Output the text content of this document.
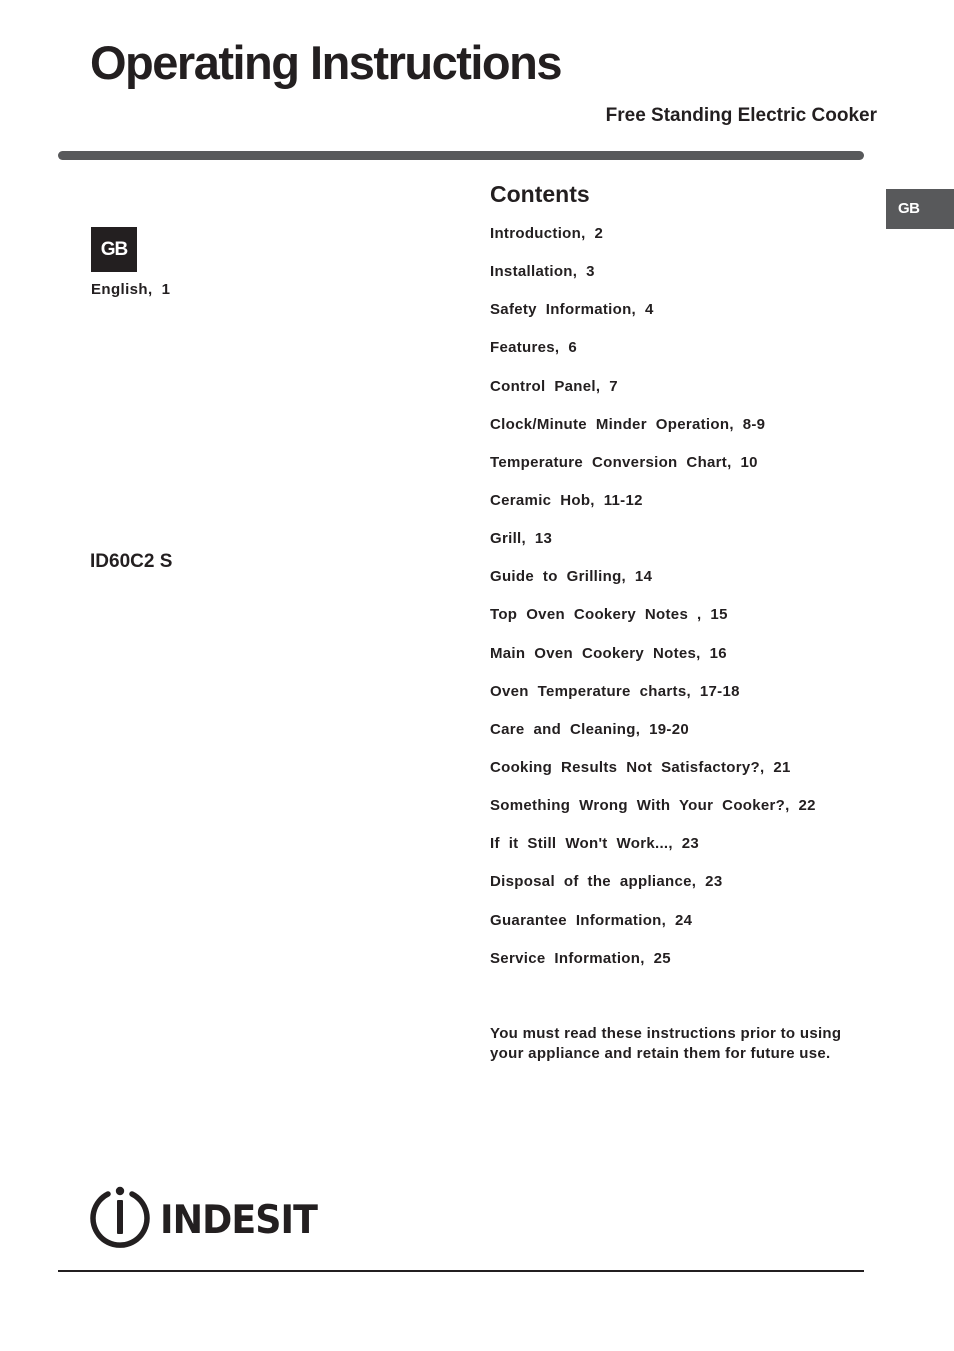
Operating Instructions
Free Standing Electric Cooker
GB
GB
English,  1
ID60C2 S
Contents
Introduction,  2
Installation,  3
Safety  Information,  4
Features,  6
Control  Panel,  7
Clock/Minute  Minder  Operation,  8-9
Temperature  Conversion  Chart,  10
Ceramic  Hob,  11-12
Grill,  13
Guide  to  Grilling,  14
Top  Oven  Cookery  Notes  ,  15
Main  Oven  Cookery  Notes,  16
Oven  Temperature  charts,  17-18
Care  and  Cleaning,  19-20
Cooking  Results  Not  Satisfactory?,  21
Something  Wrong  With  Your  Cooker?,  22
If  it  Still  Won't  Work...,  23
Disposal  of  the  appliance,  23
Guarantee  Information,  24
Service  Information,  25

You must read these instructions prior to using your appliance and retain them for future use.

INDESIT
